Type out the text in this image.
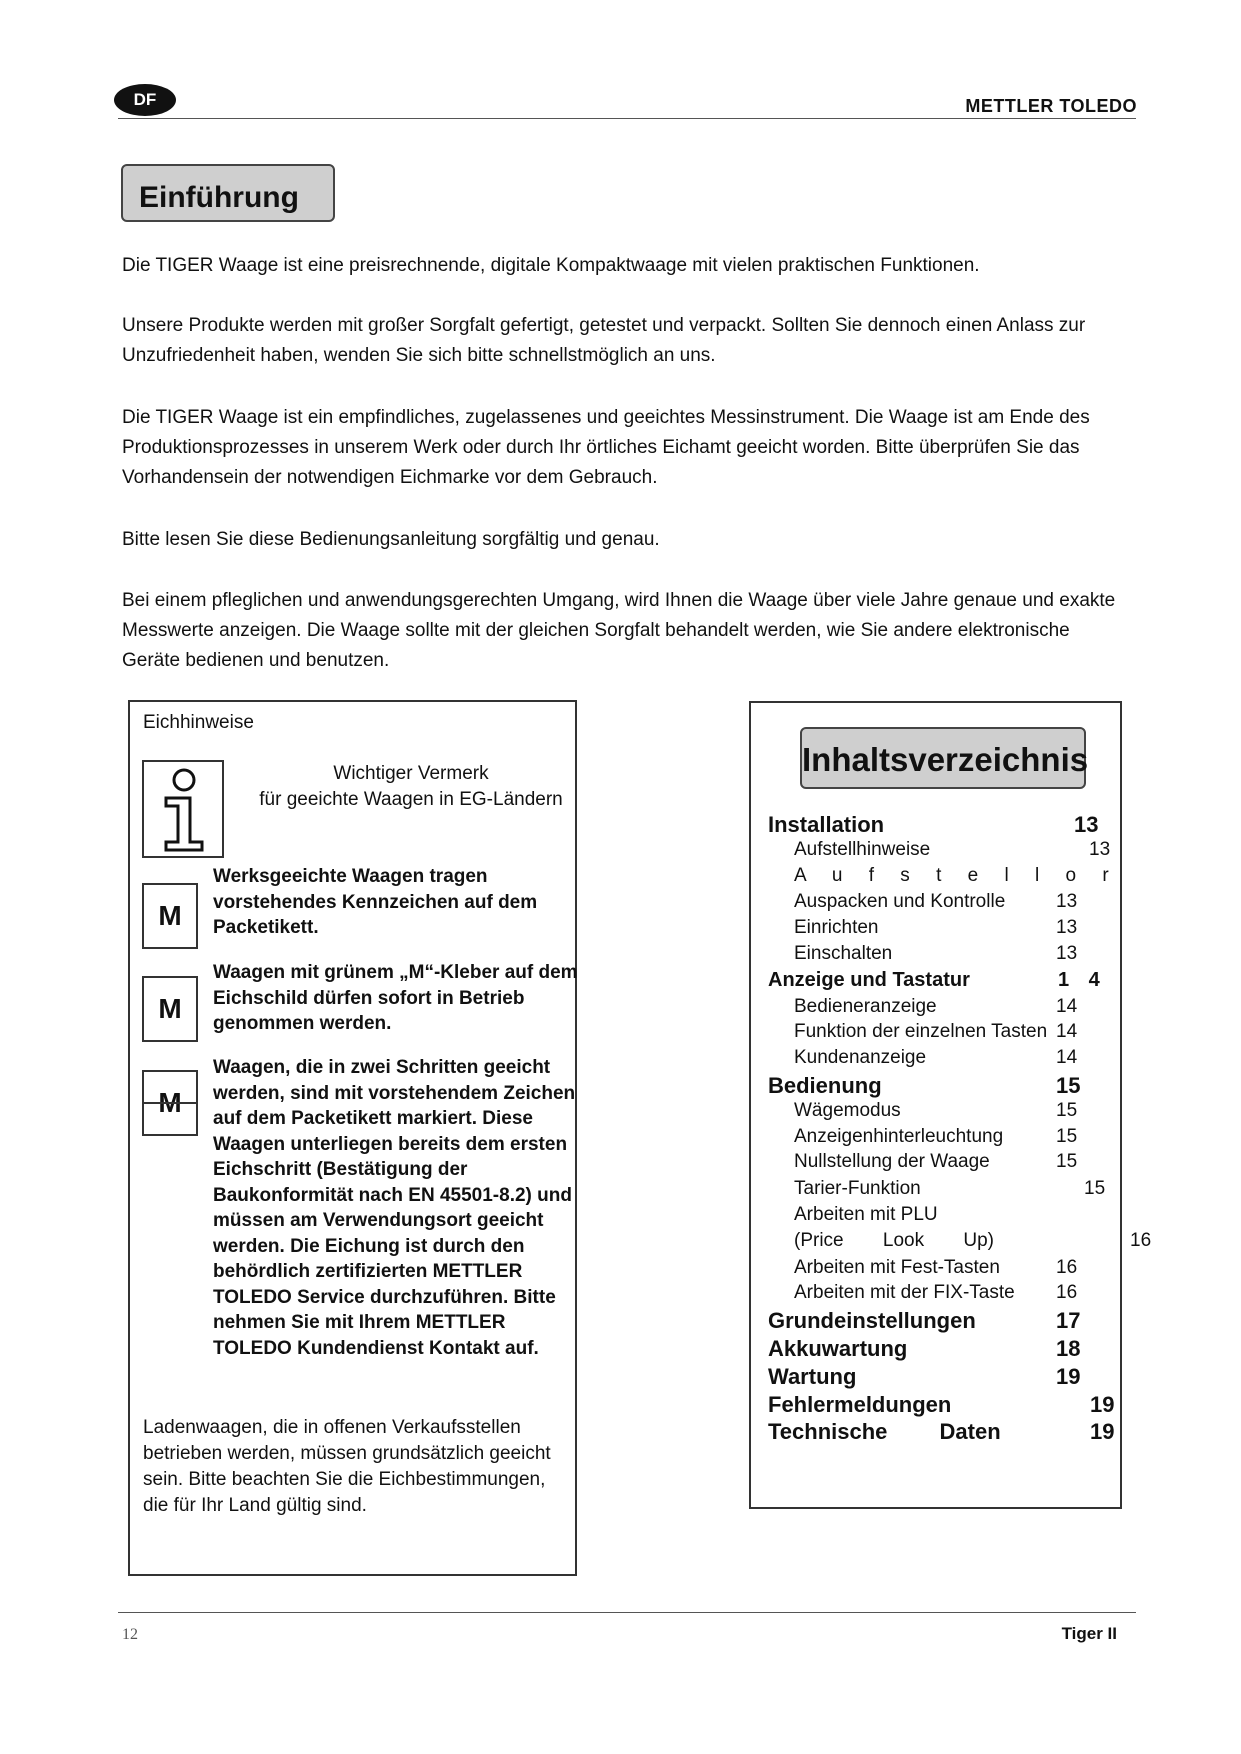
DF	METTLER TOLEDO
Einführung

Die TIGER Waage ist eine preisrechnende, digitale Kompaktwaage mit vielen praktischen Funktionen.

Unsere Produkte werden mit großer Sorgfalt gefertigt, getestet und verpackt. Sollten Sie dennoch einen Anlass zur Unzufriedenheit haben, wenden Sie sich bitte schnellstmöglich an uns.

Die TIGER Waage ist ein empfindliches, zugelassenes und geeichtes Messinstrument. Die Waage ist am Ende des Produktionsprozesses in unserem Werk oder durch Ihr örtliches Eichamt geeicht worden. Bitte überprüfen Sie das Vorhandensein der notwendigen Eichmarke vor dem Gebrauch.

Bitte lesen Sie diese Bedienungsanleitung sorgfältig und genau.

Bei einem pfleglichen und anwendungsgerechten Umgang, wird Ihnen die Waage über viele Jahre genaue und exakte Messwerte anzeigen. Die Waage sollte mit der gleichen Sorgfalt behandelt werden, wie Sie andere elektronische Geräte bedienen und benutzen.

Eichhinweise
Wichtiger Vermerk
für geeichte Waagen in EG-Ländern
M
Werksgeeichte Waagen tragen vorstehendes Kennzeichen auf dem Packetikett.
M
Waagen mit grünem „M“-Kleber auf dem Eichschild dürfen sofort in Betrieb genommen werden.
M
Waagen, die in zwei Schritten geeicht werden, sind mit vorstehendem Zeichen auf dem Packetikett markiert. Diese Waagen unterliegen bereits dem ersten Eichschritt (Bestätigung der Baukonformität nach EN 45501-8.2) und müssen am Verwendungsort geeicht werden. Die Eichung ist durch den behördlich zertifizierten METTLER TOLEDO Service durchzuführen. Bitte nehmen Sie mit Ihrem METTLER TOLEDO Kundendienst Kontakt auf.
Ladenwaagen, die in offenen Verkaufsstellen betrieben werden, müssen grundsätzlich geeicht sein. Bitte beachten Sie die Eichbestimmungen, die für Ihr Land gültig sind.
Inhaltsverzeichnis
Installation	13
Aufstellhinweise	13
A u f s t e l l o r
Auspacken und Kontrolle	13
Einrichten	13
Einschalten	13
Anzeige und Tastatur	1 4
Bedieneranzeige	14
Funktion der einzelnen Tasten 14
Kundenanzeige	14
Bedienung	15
Wägemodus	15
Anzeigenhinterleuchtung	15
Nullstellung der Waage	15
Tarier-Funktion	15
Arbeiten mit PLU
(Price Look Up)	16
Arbeiten mit Fest-Tasten	16
Arbeiten mit der FIX-Taste 16
Grundeinstellungen	17
Akkuwartung	18
Wartung	19
Fehlermeldungen	19
Technische Daten	19
12	Tiger II
